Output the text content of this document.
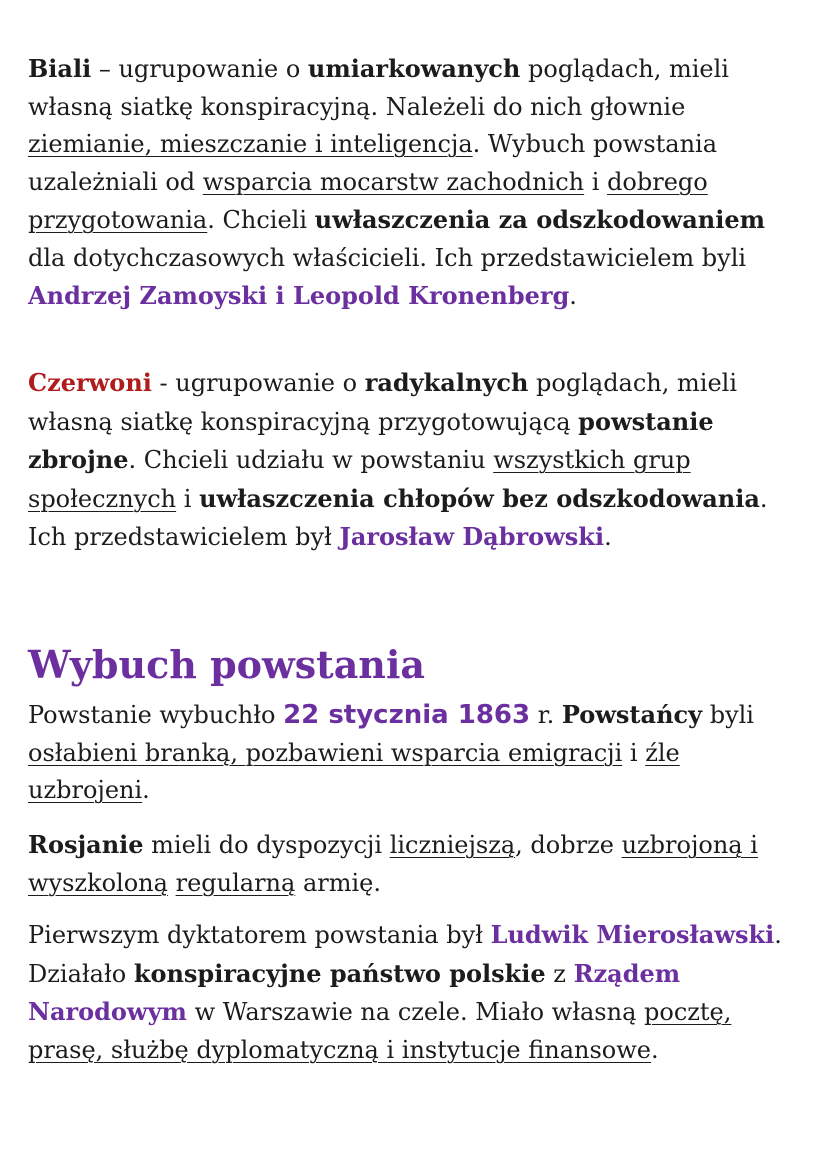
Biali – ugrupowanie o umiarkowanych poglądach, mieli własną siatkę konspiracyjną. Należeli do nich głownie ziemianie, mieszczanie i inteligencja. Wybuch powstania uzależniali od wsparcia mocarstw zachodnich i dobrego przygotowania. Chcieli uwłaszczenia za odszkodowaniem dla dotychczasowych właścicieli. Ich przedstawicielem byli Andrzej Zamoyski i Leopold Kronenberg.

Czerwoni - ugrupowanie o radykalnych poglądach, mieli własną siatkę konspiracyjną przygotowującą powstanie zbrojne. Chcieli udziału w powstaniu wszystkich grup społecznych i uwłaszczenia chłopów bez odszkodowania. Ich przedstawicielem był Jarosław Dąbrowski.

Wybuch powstania

Powstanie wybuchło 22 stycznia 1863 r. Powstańcy byli osłabieni branką, pozbawieni wsparcia emigracji i źle uzbrojeni.

Rosjanie mieli do dyspozycji liczniejszą, dobrze uzbrojoną i wyszkoloną regularną armię.

Pierwszym dyktatorem powstania był Ludwik Mierosławski. Działało konspiracyjne państwo polskie z Rządem Narodowym w Warszawie na czele. Miało własną pocztę, prasę, służbę dyplomatyczną i instytucje finansowe.
